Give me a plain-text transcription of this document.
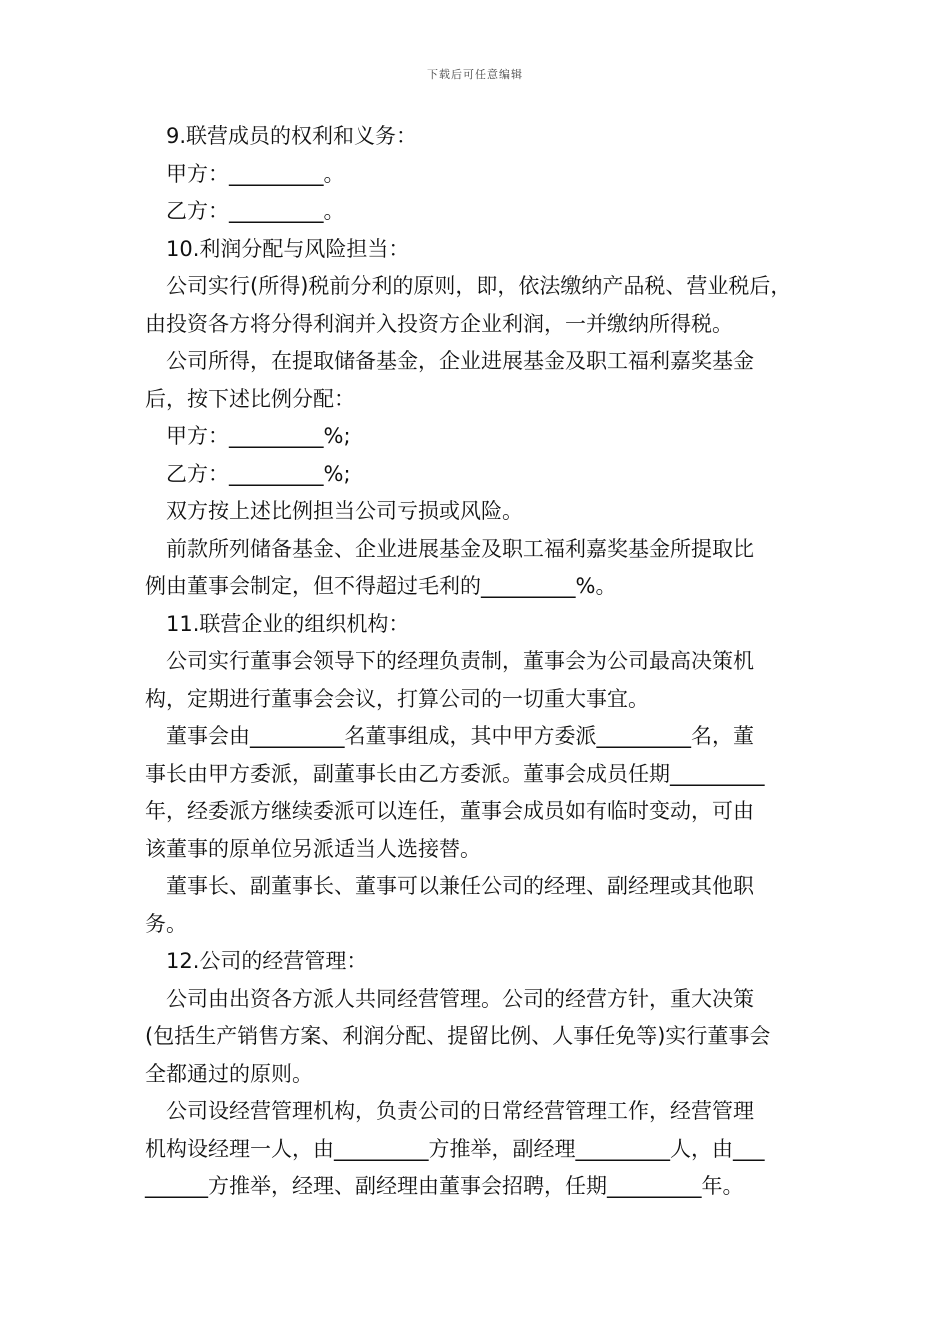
下载后可任意编辑
9.联营成员的权利和义务：
甲方：_________。
乙方：_________。
10.利润分配与风险担当：
公司实行(所得)税前分利的原则，即，依法缴纳产品税、营业税后，
由投资各方将分得利润并入投资方企业利润，一并缴纳所得税。
公司所得，在提取储备基金，企业进展基金及职工福利嘉奖基金
后，按下述比例分配：
甲方：_________%;
乙方：_________%;
双方按上述比例担当公司亏损或风险。
前款所列储备基金、企业进展基金及职工福利嘉奖基金所提取比
例由董事会制定，但不得超过毛利的_________%。
11.联营企业的组织机构：
公司实行董事会领导下的经理负责制，董事会为公司最高决策机
构，定期进行董事会会议，打算公司的一切重大事宜。
董事会由_________名董事组成，其中甲方委派_________名，董
事长由甲方委派，副董事长由乙方委派。董事会成员任期_________
年，经委派方继续委派可以连任，董事会成员如有临时变动，可由
该董事的原单位另派适当人选接替。
董事长、副董事长、董事可以兼任公司的经理、副经理或其他职
务。
12.公司的经营管理：
公司由出资各方派人共同经营管理。公司的经营方针，重大决策
(包括生产销售方案、利润分配、提留比例、人事任免等)实行董事会
全都通过的原则。
公司设经营管理机构，负责公司的日常经营管理工作，经营管理
机构设经理一人，由_________方推举，副经理_________人，由___
______方推举，经理、副经理由董事会招聘，任期_________年。
